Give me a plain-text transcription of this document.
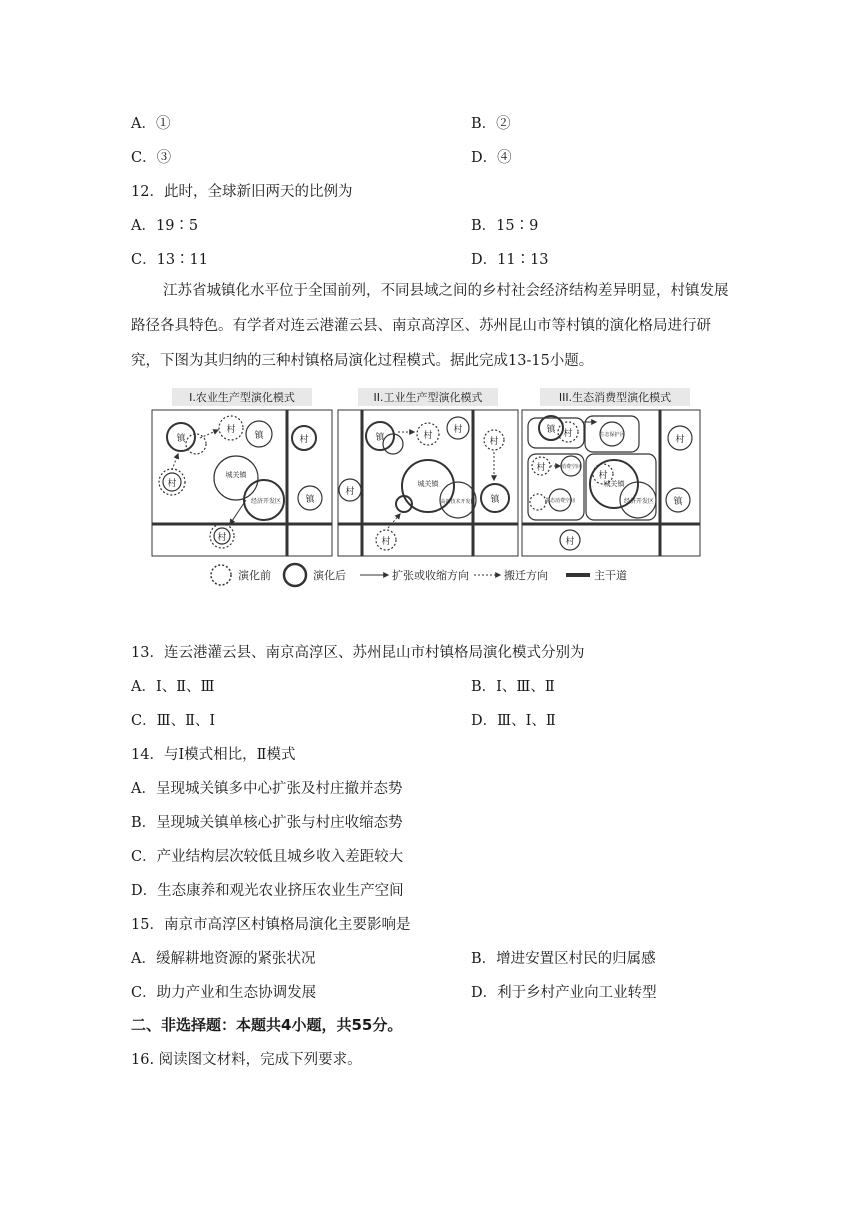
A．①	B．②
C．③	D．④
12．此时，全球新旧两天的比例为
A．19∶5	B．15∶9
C．13∶11	D．11∶13
江苏省城镇化水平位于全国前列，不同县域之间的乡村社会经济结构差异明显，村镇发展路径各具特色。有学者对连云港灌云县、南京高淳区、苏州昆山市等村镇的演化格局进行研究，下图为其归纳的三种村镇格局演化过程模式。据此完成13-15小题。
I.农业生产型演化模式	II.工业生产型演化模式	III.生态消费型演化模式
镇
村
镇
村
城关镇
经济开发区
村
村
镇
镇	村
村
村
城关镇
高新技术开发区
村
镇
村
镇 村	生态保护区
村	消费空间
城关镇
经济开发区
生态消费空间
村
村
镇
村
演化前	演化后	扩张或收缩方向	搬迁方向	主干道
13．连云港灌云县、南京高淳区、苏州昆山市村镇格局演化模式分别为
A．Ⅰ、Ⅱ、Ⅲ	B．Ⅰ、Ⅲ、Ⅱ
C．Ⅲ、Ⅱ、Ⅰ	D．Ⅲ、Ⅰ、Ⅱ
14．与Ⅰ模式相比，Ⅱ模式
A．呈现城关镇多中心扩张及村庄撤并态势
B．呈现城关镇单核心扩张与村庄收缩态势
C．产业结构层次较低且城乡收入差距较大
D．生态康养和观光农业挤压农业生产空间
15．南京市高淳区村镇格局演化主要影响是
A．缓解耕地资源的紧张状况	B．增进安置区村民的归属感
C．助力产业和生态协调发展	D．利于乡村产业向工业转型
二、非选择题：本题共4小题，共55分。
16. 阅读图文材料，完成下列要求。
